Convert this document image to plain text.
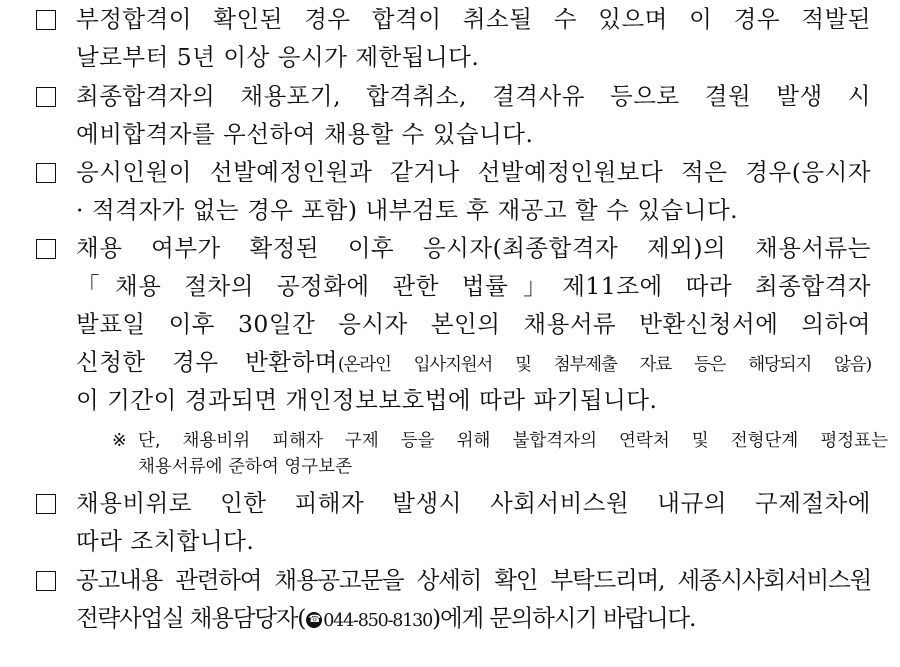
부정합격이 확인된 경우 합격이 취소될 수 있으며 이 경우 적발된
날로부터 5년 이상 응시가 제한됩니다.
최종합격자의 채용포기, 합격취소, 결격사유 등으로 결원 발생 시
예비합격자를 우선하여 채용할 수 있습니다.
응시인원이 선발예정인원과 같거나 선발예정인원보다 적은 경우(응시자
· 적격자가 없는 경우 포함) 내부검토 후 재공고 할 수 있습니다.
채용 여부가 확정된 이후 응시자(최종합격자 제외)의 채용서류는
「채용 절차의 공정화에 관한 법률」제11조에 따라 최종합격자
발표일 이후 30일간 응시자 본인의 채용서류 반환신청서에 의하여
신청한 경우 반환하며(온라인 입사지원서 및 첨부제출 자료 등은 해당되지 않음)
이 기간이 경과되면 개인정보보호법에 따라 파기됩니다.
※ 단, 채용비위 피해자 구제 등을 위해 불합격자의 연락처 및 전형단계 평정표는
채용서류에 준하여 영구보존
채용비위로 인한 피해자 발생시 사회서비스원 내규의 구제절차에
따라 조치합니다.
공고내용 관련하여 채용공고문을 상세히 확인 부탁드리며, 세종시사회서비스원
전략사업실 채용담당자( ☎ 044-850-8130)에게 문의하시기 바랍니다.
